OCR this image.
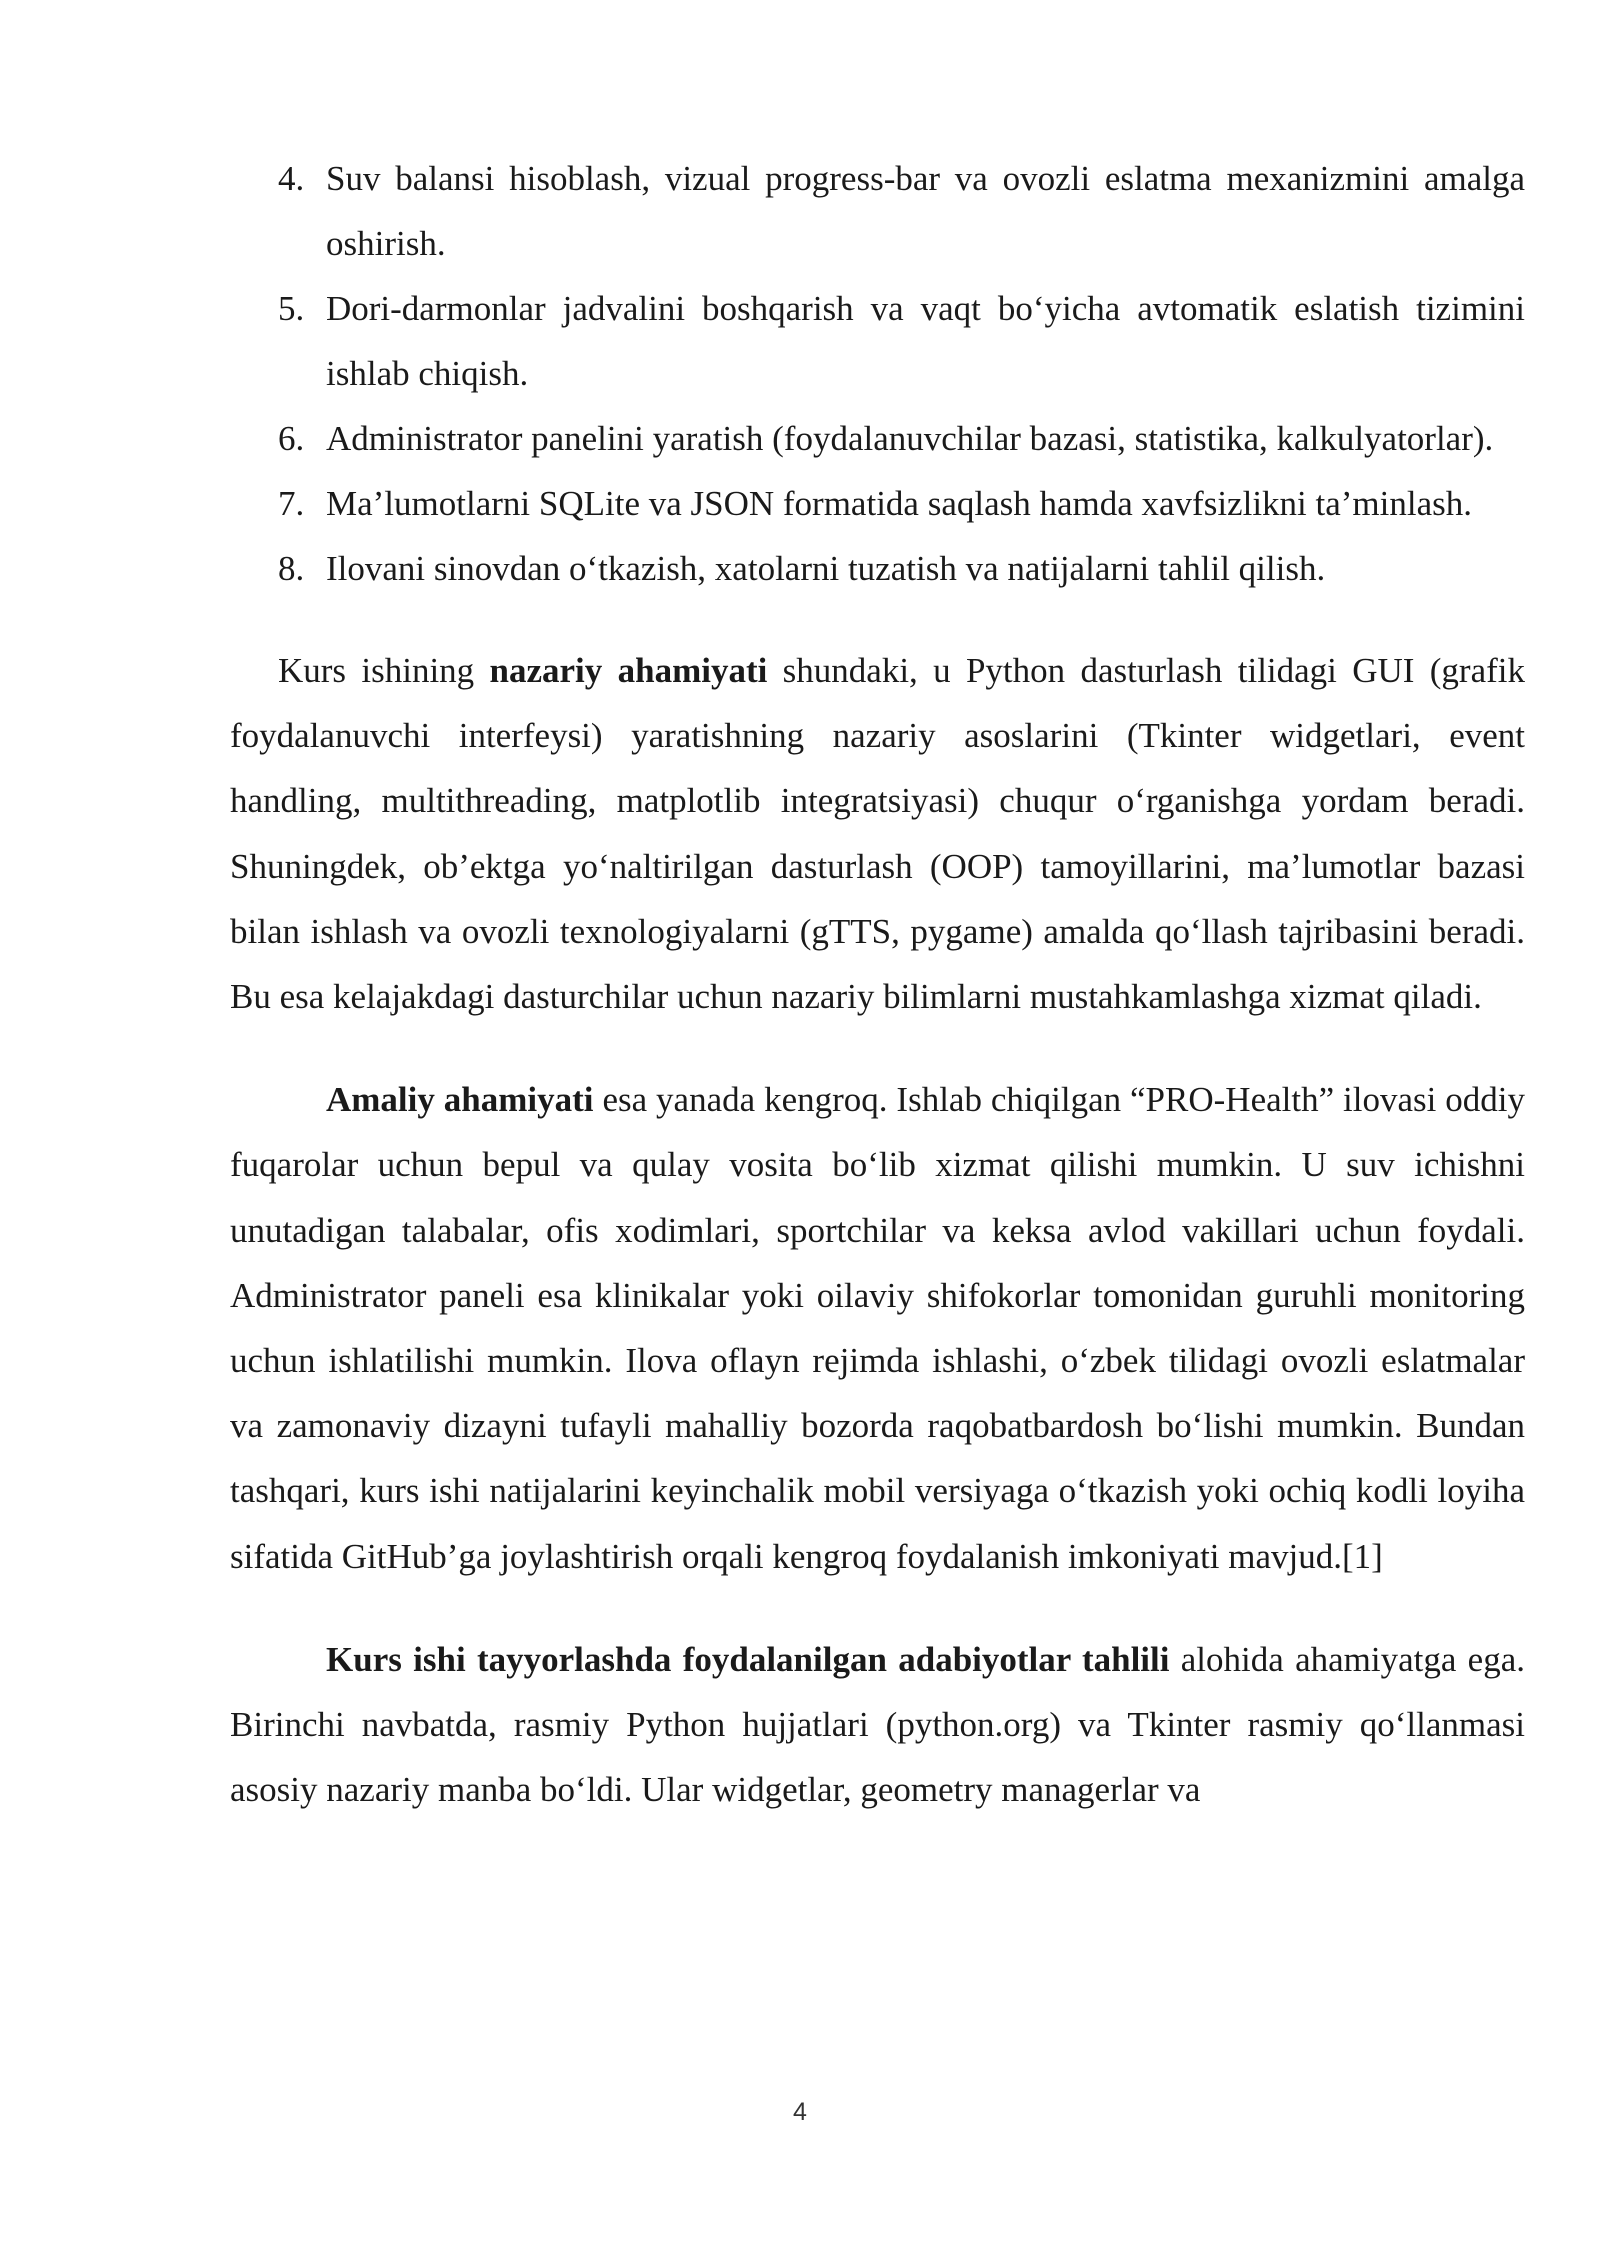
4. Suv balansi hisoblash, vizual progress-bar va ovozli eslatma mexanizmini amalga oshirish.
5. Dori-darmonlar jadvalini boshqarish va vaqt bo‘yicha avtomatik eslatish tizimini ishlab chiqish.
6. Administrator panelini yaratish (foydalanuvchilar bazasi, statistika, kalkulyatorlar).
7. Ma’lumotlarni SQLite va JSON formatida saqlash hamda xavfsizlikni ta’minlash.
8. Ilovani sinovdan o‘tkazish, xatolarni tuzatish va natijalarni tahlil qilish.

Kurs ishining nazariy ahamiyati shundaki, u Python dasturlash tilidagi GUI (grafik foydalanuvchi interfeysi) yaratishning nazariy asoslarini (Tkinter widgetlari, event handling, multithreading, matplotlib integratsiyasi) chuqur o‘rganishga yordam beradi. Shuningdek, ob’ektga yo‘naltirilgan dasturlash (OOP) tamoyillarini, ma’lumotlar bazasi bilan ishlash va ovozli texnologiyalarni (gTTS, pygame) amalda qo‘llash tajribasini beradi. Bu esa kelajakdagi dasturchilar uchun nazariy bilimlarni mustahkamlashga xizmat qiladi.

Amaliy ahamiyati esa yanada kengroq. Ishlab chiqilgan “PRO-Health” ilovasi oddiy fuqarolar uchun bepul va qulay vosita bo‘lib xizmat qilishi mumkin. U suv ichishni unutadigan talabalar, ofis xodimlari, sportchilar va keksa avlod vakillari uchun foydali. Administrator paneli esa klinikalar yoki oilaviy shifokorlar tomonidan guruhli monitoring uchun ishlatilishi mumkin. Ilova oflayn rejimda ishlashi, o‘zbek tilidagi ovozli eslatmalar va zamonaviy dizayni tufayli mahalliy bozorda raqobatbardosh bo‘lishi mumkin. Bundan tashqari, kurs ishi natijalarini keyinchalik mobil versiyaga o‘tkazish yoki ochiq kodli loyiha sifatida GitHub’ga joylashtirish orqali kengroq foydalanish imkoniyati mavjud.[1]

Kurs ishi tayyorlashda foydalanilgan adabiyotlar tahlili alohida ahamiyatga ega. Birinchi navbatda, rasmiy Python hujjatlari (python.org) va Tkinter rasmiy qo‘llanmasi asosiy nazariy manba bo‘ldi. Ular widgetlar, geometry managerlar va

4
